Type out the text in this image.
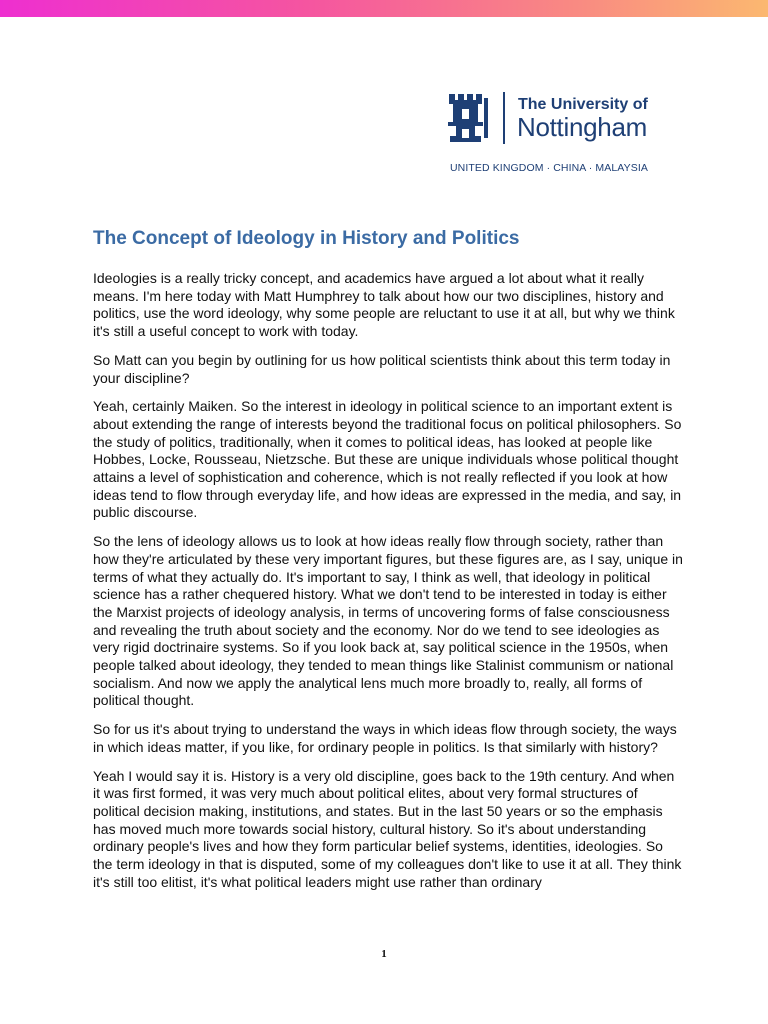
The University of
Nottingham
UNITED KINGDOM · CHINA · MALAYSIA
The Concept of Ideology in History and Politics

Ideologies is a really tricky concept, and academics have argued a lot about what it really means. I'm here today with Matt Humphrey to talk about how our two disciplines, history and politics, use the word ideology, why some people are reluctant to use it at all, but why we think it's still a useful concept to work with today.

So Matt can you begin by outlining for us how political scientists think about this term today in your discipline?

Yeah, certainly Maiken. So the interest in ideology in political science to an important extent is about extending the range of interests beyond the traditional focus on political philosophers. So the study of politics, traditionally, when it comes to political ideas, has looked at people like Hobbes, Locke, Rousseau, Nietzsche. But these are unique individuals whose political thought attains a level of sophistication and coherence, which is not really reflected if you look at how ideas tend to flow through everyday life, and how ideas are expressed in the media, and say, in public discourse.

So the lens of ideology allows us to look at how ideas really flow through society, rather than how they're articulated by these very important figures, but these figures are, as I say, unique in terms of what they actually do. It's important to say, I think as well, that ideology in political science has a rather chequered history. What we don't tend to be interested in today is either the Marxist projects of ideology analysis, in terms of uncovering forms of false consciousness and revealing the truth about society and the economy. Nor do we tend to see ideologies as very rigid doctrinaire systems. So if you look back at, say political science in the 1950s, when people talked about ideology, they tended to mean things like Stalinist communism or national socialism. And now we apply the analytical lens much more broadly to, really, all forms of political thought.

So for us it's about trying to understand the ways in which ideas flow through society, the ways in which ideas matter, if you like, for ordinary people in politics. Is that similarly with history?

Yeah I would say it is. History is a very old discipline, goes back to the 19th century. And when it was first formed, it was very much about political elites, about very formal structures of political decision making, institutions, and states. But in the last 50 years or so the emphasis has moved much more towards social history, cultural history. So it's about understanding ordinary people's lives and how they form particular belief systems, identities, ideologies. So the term ideology in that is disputed, some of my colleagues don't like to use it at all. They think it's still too elitist, it's what political leaders might use rather than ordinary

1
